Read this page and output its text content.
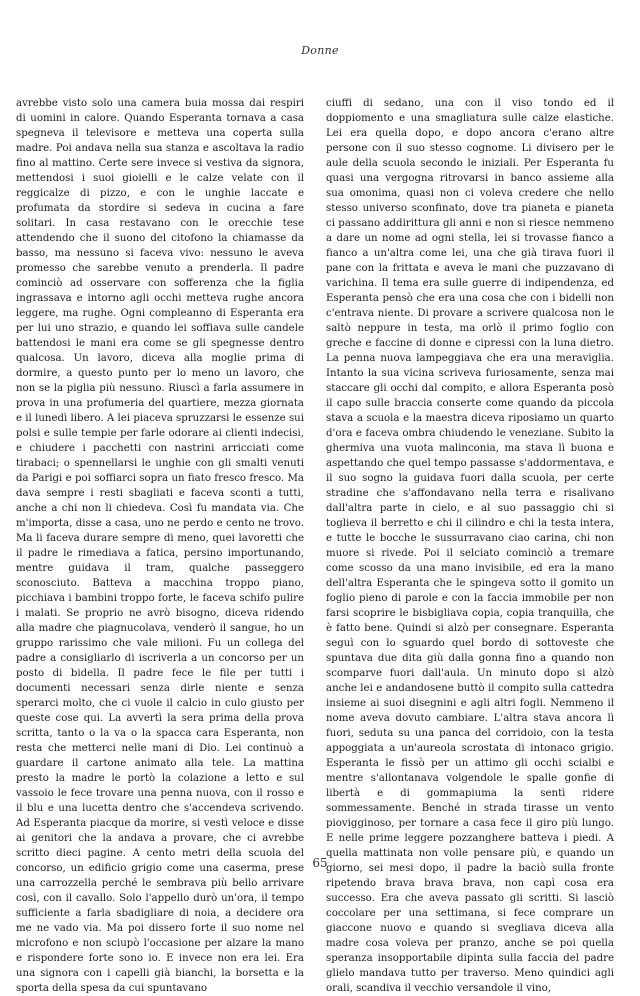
Donne

avrebbe visto solo una camera buia mossa dai respiri di uomini in calore. Quando Esperanta tornava a casa spegneva il televisore e metteva una coperta sulla madre. Poi andava nella sua stanza e ascoltava la radio fino al mattino. Certe sere invece si vestiva da signora, mettendosi i suoi gioielli e le calze velate con il reggicalze di pizzo, e con le unghie laccate e profumata da stordire si sedeva in cucina a fare solitari. In casa restavano con le orecchie tese attendendo che il suono del citofono la chiamasse da basso, ma nessuno si faceva vivo: nessuno le aveva promesso che sarebbe venuto a prenderla. Il padre cominciò ad osservare con sofferenza che la figlia ingrassava e intorno agli occhi metteva rughe ancora leggere, ma rughe. Ogni compleanno di Esperanta era per lui uno strazio, e quando lei soffiava sulle candele battendosi le mani era come se gli spegnesse dentro qualcosa. Un lavoro, diceva alla moglie prima di dormire, a questo punto per lo meno un lavoro, che non se la piglia più nessuno. Riuscì a farla assumere in prova in una profumeria del quartiere, mezza giornata e il lunedì libero. A lei piaceva spruzzarsi le essenze sui polsi e sulle tempie per farle odorare ai clienti indecisi, e chiudere i pacchetti con nastrini arricciati come tirabaci; o spennellarsi le unghie con gli smalti venuti da Parigi e poi soffiarci sopra un fiato fresco fresco. Ma dava sempre i resti sbagliati e faceva sconti a tutti, anche a chi non li chiedeva. Così fu mandata via. Che m'importa, disse a casa, uno ne perdo e cento ne trovo. Ma li faceva durare sempre di meno, quei lavoretti che il padre le rimediava a fatica, persino importunando, mentre guidava il tram, qualche passeggero sconosciuto. Batteva a macchina troppo piano, picchiava i bambini troppo forte, le faceva schifo pulire i malati. Se proprio ne avrò bisogno, diceva ridendo alla madre che piagnucolava, venderò il sangue, ho un gruppo rarissimo che vale milioni. Fu un collega del padre a consigliarlo di iscriverla a un concorso per un posto di bidella. Il padre fece le file per tutti i documenti necessari senza dirle niente e senza sperarci molto, che ci vuole il calcio in culo giusto per queste cose qui. La avvertì la sera prima della prova scritta, tanto o la va o la spacca cara Esperanta, non resta che metterci nelle mani di Dio. Lei continuò a guardare il cartone animato alla tele. La mattina presto la madre le portò la colazione a letto e sul vassoio le fece trovare una penna nuova, con il rosso e il blu e una lucetta dentro che s'accendeva scrivendo. Ad Esperanta piacque da morire, si vestì veloce e disse ai genitori che la andava a provare, che ci avrebbe scritto dieci pagine. A cento metri della scuola del concorso, un edificio grigio come una caserma, prese una carrozzella perché le sembrava più bello arrivare così, con il cavallo. Solo l'appello durò un'ora, il tempo sufficiente a farla sbadigliare di noia, a decidere ora me ne vado via. Ma poi dissero forte il suo nome nel microfono e non sciupò l'occasione per alzare la mano e rispondere forte sono io. E invece non era lei. Era una signora con i capelli già bianchi, la borsetta e la sporta della spesa da cui spuntavano

ciuffi di sedano, una con il viso tondo ed il doppiomento e una smagliatura sulle calze elastiche. Lei era quella dopo, e dopo ancora c'erano altre persone con il suo stesso cognome. Li divisero per le aule della scuola secondo le iniziali. Per Esperanta fu quasi una vergogna ritrovarsi in banco assieme alla sua omonima, quasi non ci voleva credere che nello stesso universo sconfinato, dove tra pianeta e pianeta ci passano addirittura gli anni e non si riesce nemmeno a dare un nome ad ogni stella, lei si trovasse fianco a fianco a un'altra come lei, una che già tirava fuori il pane con la frittata e aveva le mani che puzzavano di varichina. Il tema era sulle guerre di indipendenza, ed Esperanta pensò che era una cosa che con i bidelli non c'entrava niente. Di provare a scrivere qualcosa non le saltò neppure in testa, ma orlò il primo foglio con greche e faccine di donne e cipressi con la luna dietro. La penna nuova lampeggiava che era una meraviglia. Intanto la sua vicina scriveva furiosamente, senza mai staccare gli occhi dal compito, e allora Esperanta posò il capo sulle braccia conserte come quando da piccola stava a scuola e la maestra diceva riposiamo un quarto d'ora e faceva ombra chiudendo le veneziane. Subito la ghermiva una vuota malinconia, ma stava lì buona e aspettando che quel tempo passasse s'addormentava, e il suo sogno la guidava fuori dalla scuola, per certe stradine che s'affondavano nella terra e risalivano dall'altra parte in cielo, e al suo passaggio chi si toglieva il berretto e chi il cilindro e chi la testa intera, e tutte le bocche le sussurravano ciao carina, chi non muore si rivede. Poi il selciato cominciò a tremare come scosso da una mano invisibile, ed era la mano dell'altra Esperanta che le spingeva sotto il gomito un foglio pieno di parole e con la faccia immobile per non farsi scoprire le bisbigliava copia, copia tranquilla, che è fatto bene. Quindi si alzò per consegnare. Esperanta seguì con lo sguardo quel bordo di sottoveste che spuntava due dita giù dalla gonna fino a quando non scomparve fuori dall'aula. Un minuto dopo si alzò anche lei e andandosene buttò il compito sulla cattedra insieme ai suoi disegnini e agli altri fogli. Nemmeno il nome aveva dovuto cambiare. L'altra stava ancora lì fuori, seduta su una panca del corridoio, con la testa appoggiata a un'aureola scrostata di intonaco grigio. Esperanta le fissò per un attimo gli occhi scialbi e mentre s'allontanava volgendole le spalle gonfie di libertà e di gommapiuma la sentì ridere sommessamente. Benché in strada tirasse un vento piovigginoso, per tornare a casa fece il giro più lungo. E nelle prime leggere pozzanghere batteva i piedi. A quella mattinata non volle pensare più, e quando un giorno, sei mesi dopo, il padre la baciò sulla fronte ripetendo brava brava brava, non capì cosa era successo. Era che aveva passato gli scritti. Si lasciò coccolare per una settimana, si fece comprare un giaccone nuovo e quando si svegliava diceva alla madre cosa voleva per pranzo, anche se poi quella speranza insopportabile dipinta sulla faccia del padre glielo mandava tutto per traverso. Meno quindici agli orali, scandiva il vecchio versandole il vino,

65
